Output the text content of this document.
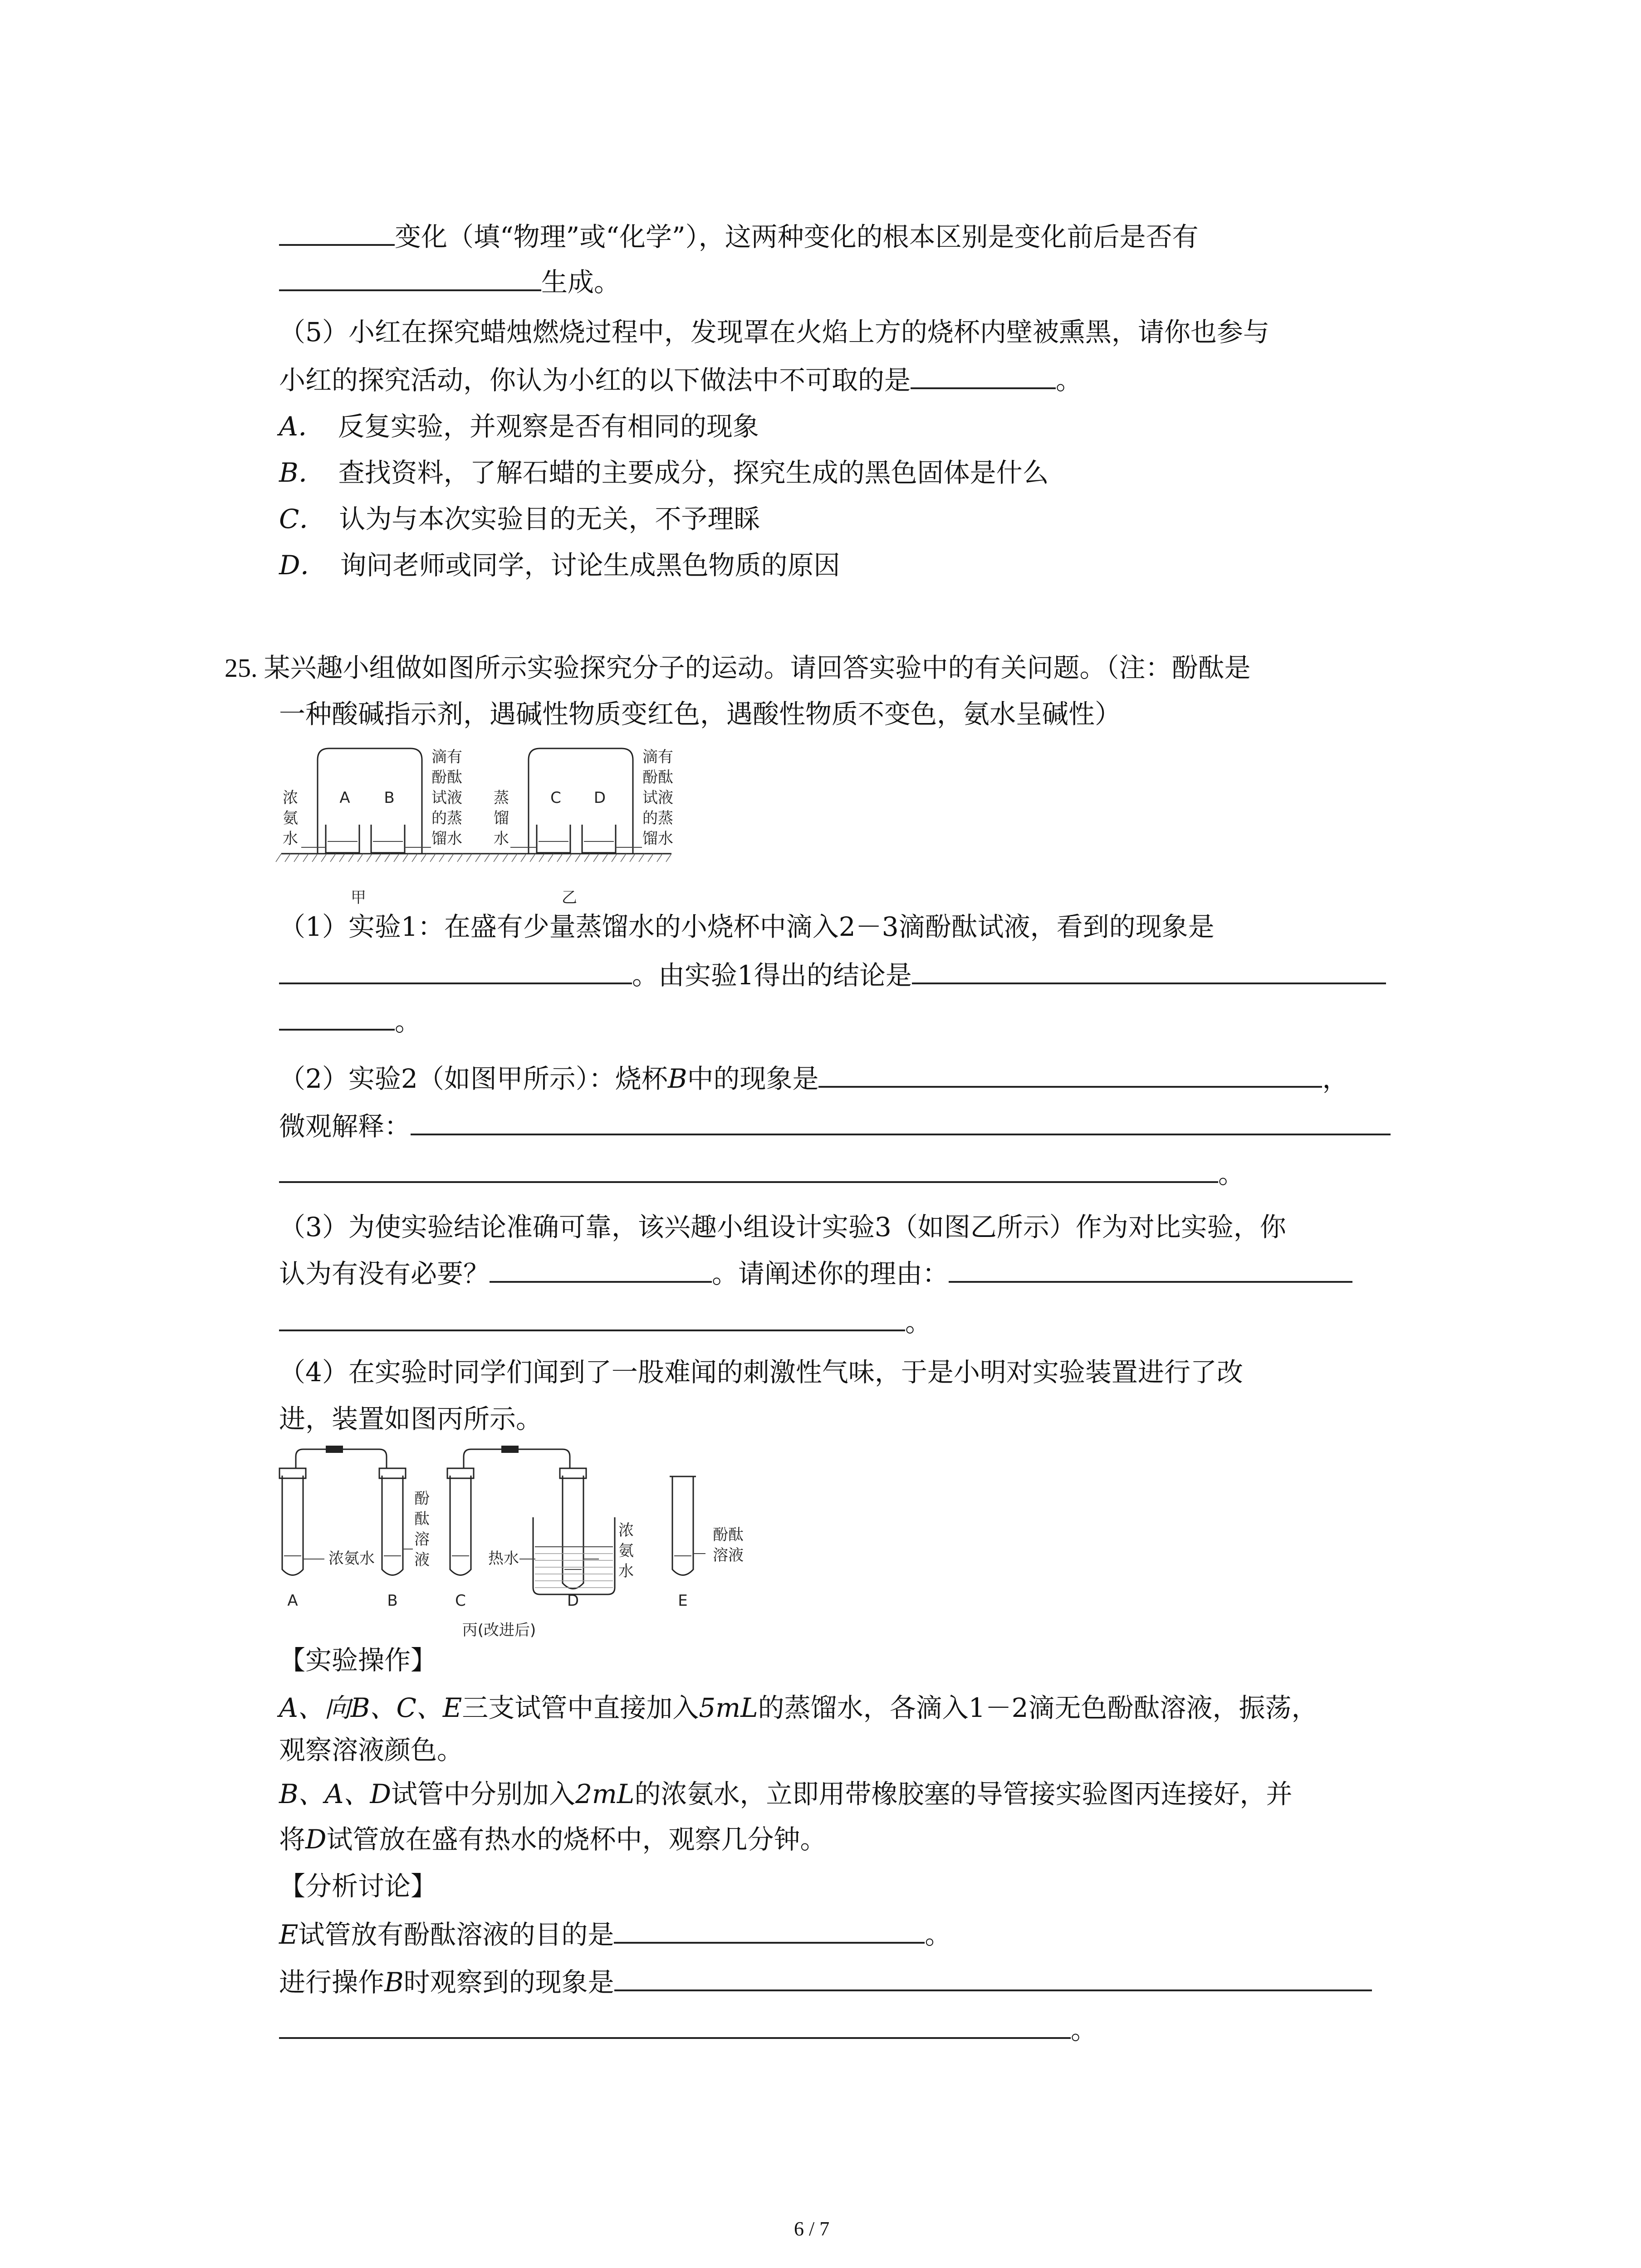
变化（填“物理”或“化学”），这两种变化的根本区别是变化前后是否有
生成。
（5）小红在探究蜡烛燃烧过程中，发现罩在火焰上方的烧杯内壁被熏黑，请你也参与
小红的探究活动，你认为小红的以下做法中不可取的是	。
A． 反复实验，并观察是否有相同的现象
B． 查找资料，了解石蜡的主要成分，探究生成的黑色固体是什么
C． 认为与本次实验目的无关，不予理睬
D． 询问老师或同学，讨论生成黑色物质的原因
25. 某兴趣小组做如图所示实验探究分子的运动。请回答实验中的有关问题。（注：酚酞是
一种酸碱指示剂，遇碱性物质变红色，遇酸性物质不变色，氨水呈碱性）
浓
氨
水
A B
滴有
酚酞
试液
的蒸
馏水
蒸
馏
水
C D
滴有
酚酞
试液
的蒸
馏水
甲	乙
（1）实验1：在盛有少量蒸馏水的小烧杯中滴入2－3滴酚酞试液，看到的现象是
。由实验1得出的结论是
。
（2）实验2（如图甲所示）：烧杯B中的现象是	，
微观解释：
。
（3）为使实验结论准确可靠，该兴趣小组设计实验3（如图乙所示）作为对比实验，你
认为有没有必要？	。请阐述你的理由：
。
（4）在实验时同学们闻到了一股难闻的刺激性气味，于是小明对实验装置进行了改
进，装置如图丙所示。
浓氨水
酚
酞
溶
液	热水
浓
氨
水
酚酞
溶液
A	B	C	D	E
丙(改进后)
【实验操作】
A、向B、C、E三支试管中直接加入5mL的蒸馏水，各滴入1－2滴无色酚酞溶液，振荡，
观察溶液颜色。
B、A、D试管中分别加入2mL的浓氨水，立即用带橡胶塞的导管接实验图丙连接好，并
将D试管放在盛有热水的烧杯中，观察几分钟。
【分析讨论】
E试管放有酚酞溶液的目的是	。
进行操作B时观察到的现象是
。
6 / 7
